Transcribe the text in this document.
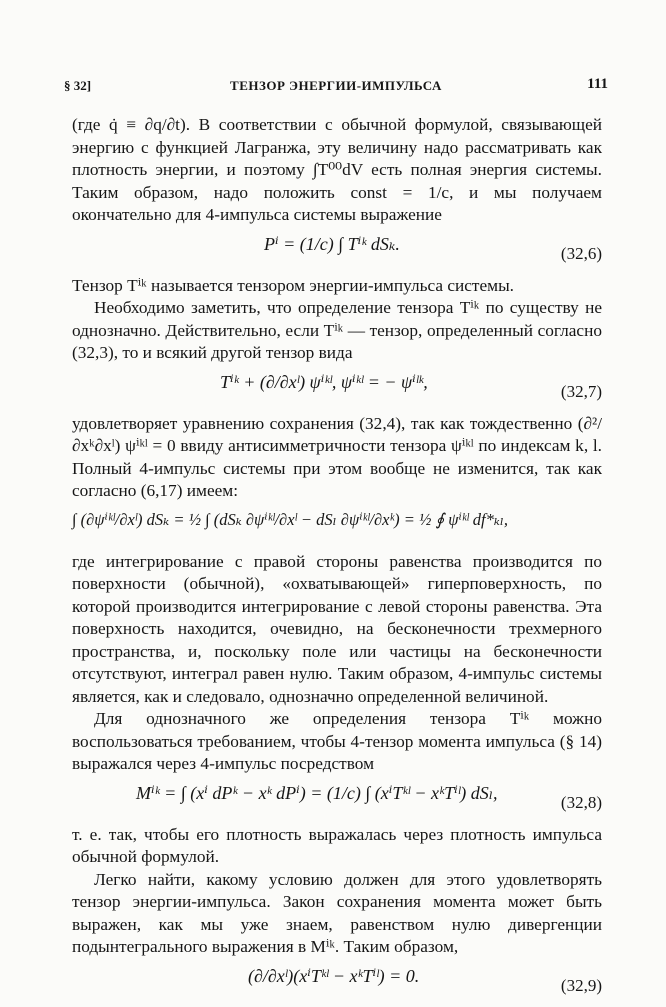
§ 32]	ТЕНЗОР ЭНЕРГИИ-ИМПУЛЬСА	111

(где q̇ ≡ ∂q/∂t). В соответствии с обычной формулой, связывающей энергию с функцией Лагранжа, эту величину надо рассматривать как плотность энергии, и поэтому ∫T⁰⁰dV есть полная энергия системы. Таким образом, надо положить const = 1/c, и мы получаем окончательно для 4-импульса системы выражение

Pⁱ = (1/c) ∫ Tⁱᵏ dSₖ.	(32,6)

Тензор Tⁱᵏ называется тензором энергии-импульса системы.

Необходимо заметить, что определение тензора Tⁱᵏ по существу не однозначно. Действительно, если Tⁱᵏ — тензор, определенный согласно (32,3), то и всякий другой тензор вида

Tⁱᵏ + (∂/∂xˡ) ψⁱᵏˡ, ψⁱᵏˡ = − ψⁱˡᵏ,	(32,7)

удовлетворяет уравнению сохранения (32,4), так как тождественно (∂²/∂xᵏ∂xˡ) ψⁱᵏˡ = 0 ввиду антисимметричности тензора ψⁱᵏˡ по индексам k, l. Полный 4-импульс системы при этом вообще не изменится, так как согласно (6,17) имеем:

∫ (∂ψⁱᵏˡ/∂xˡ) dSₖ = ½ ∫ (dSₖ ∂ψⁱᵏˡ/∂xˡ − dSₗ ∂ψⁱᵏˡ/∂xᵏ) = ½ ∮ ψⁱᵏˡ df*ₖₗ,

где интегрирование с правой стороны равенства производится по поверхности (обычной), «охватывающей» гиперповерхность, по которой производится интегрирование с левой стороны равенства. Эта поверхность находится, очевидно, на бесконечности трехмерного пространства, и, поскольку поле или частицы на бесконечности отсутствуют, интеграл равен нулю. Таким образом, 4-импульс системы является, как и следовало, однозначно определенной величиной.

Для однозначного же определения тензора Tⁱᵏ можно воспользоваться требованием, чтобы 4-тензор момента импульса (§ 14) выражался через 4-импульс посредством

Mⁱᵏ = ∫ (xⁱ dPᵏ − xᵏ dPⁱ) = (1/c) ∫ (xⁱTᵏˡ − xᵏTⁱˡ) dSₗ,	(32,8)

т. е. так, чтобы его плотность выражалась через плотность импульса обычной формулой.

Легко найти, какому условию должен для этого удовлетворять тензор энергии-импульса. Закон сохранения момента может быть выражен, как мы уже знаем, равенством нулю дивергенции подынтегрального выражения в Mⁱᵏ. Таким образом,

(∂/∂xˡ)(xⁱTᵏˡ − xᵏTⁱˡ) = 0.	(32,9)
